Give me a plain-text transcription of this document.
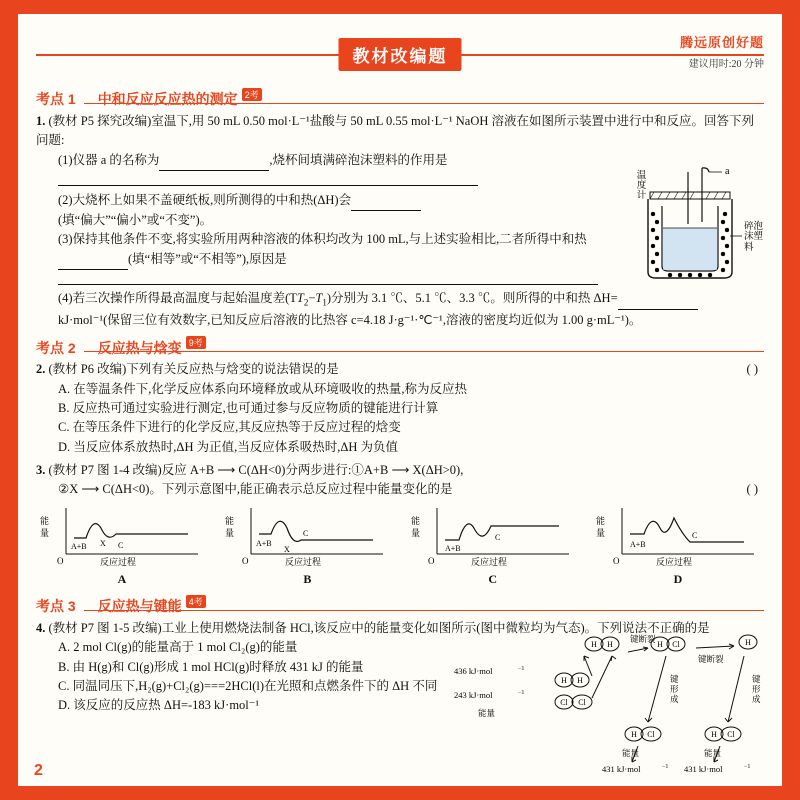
教材改编题
腾远原创好题
建议用时:20 分钟
考点 1 中和反应反应热的测定 2考
1. (教材 P5 探究改编)室温下,用 50 mL 0.50 mol·L⁻¹盐酸与 50 mL 0.55 mol·L⁻¹ NaOH 溶液在如图所示装置中进行中和反应。回答下列问题:
(1)仪器 a 的名称为	,烧杯间填满碎泡沫塑料的作用是
(2)大烧杯上如果不盖硬纸板,则所测得的中和热(ΔH)会
(填“偏大”“偏小”或“不变”)。
(3)保持其他条件不变,将实验所用两种溶液的体积均改为 100 mL,与上述实验相比,二者所得中和热 (填“相等”或“不相等”),原因是
(4)若三次操作所得最高温度与起始温度差$(TT_2-T_1)$分别为 3.1 ℃、5.1 ℃、3.3 ℃。则所得的中和热 ΔH=  kJ·mol⁻¹(保留三位有效数字,已知反应后溶液的比热容 c=4.18 J·g⁻¹·℃⁻¹,溶液的密度均近似为 1.00 g·mL⁻¹)。
温度计
a
碎泡沫塑料
考点 2 反应热与焓变 9考
2. (教材 P6 改编)下列有关反应热与焓变的说法错误的是	( )
A. 在等温条件下,化学反应体系向环境释放或从环境吸收的热量,称为反应热
B. 反应热可通过实验进行测定,也可通过参与反应物质的键能进行计算
C. 在等压条件下进行的化学反应,其反应热等于反应过程的焓变
D. 当反应体系放热时,ΔH 为正值,当反应体系吸热时,ΔH 为负值
3. (教材 P7 图 1-4 改编)反应 A+B ⟶ C(ΔH<0)分两步进行:①A+B ⟶ X(ΔH>0),
②X ⟶ C(ΔH<0)。下列示意图中,能正确表示总反应过程中能量变化的是	( )
能
量
O
A+B X C
反应过程
A
能
量
O
A+B
X
C
反应过程
B
能
量
O
A+B
C
反应过程
C
能
量
O
A+B
C
反应过程
D
考点 3 反应热与键能 4考
4. (教材 P7 图 1-5 改编)工业上使用燃烧法制备 HCl,该反应中的能量变化如图所示(图中微粒均为气态)。下列说法不正确的是
A. 2 mol Cl(g)的能量高于 1 mol Cl₂(g)的能量
B. 由 H(g)和 Cl(g)形成 1 mol HCl(g)时释放 431 kJ 的能量
C. 同温同压下,H₂(g)+Cl₂(g)===2HCl(l)在光照和点燃条件下的 ΔH 不同
D. 该反应的反应热 ΔH=-183 kJ·mol⁻¹
H H	H Cl	H
H H
Cl Cl
H Cl	H Cl
436 kJ·mol	−1
243 kJ·mol	−1
能量
键断裂
键断裂
键
形
成
键
形
成
431 kJ·mol	−1 431 kJ·mol	−1
能量	能量
2
